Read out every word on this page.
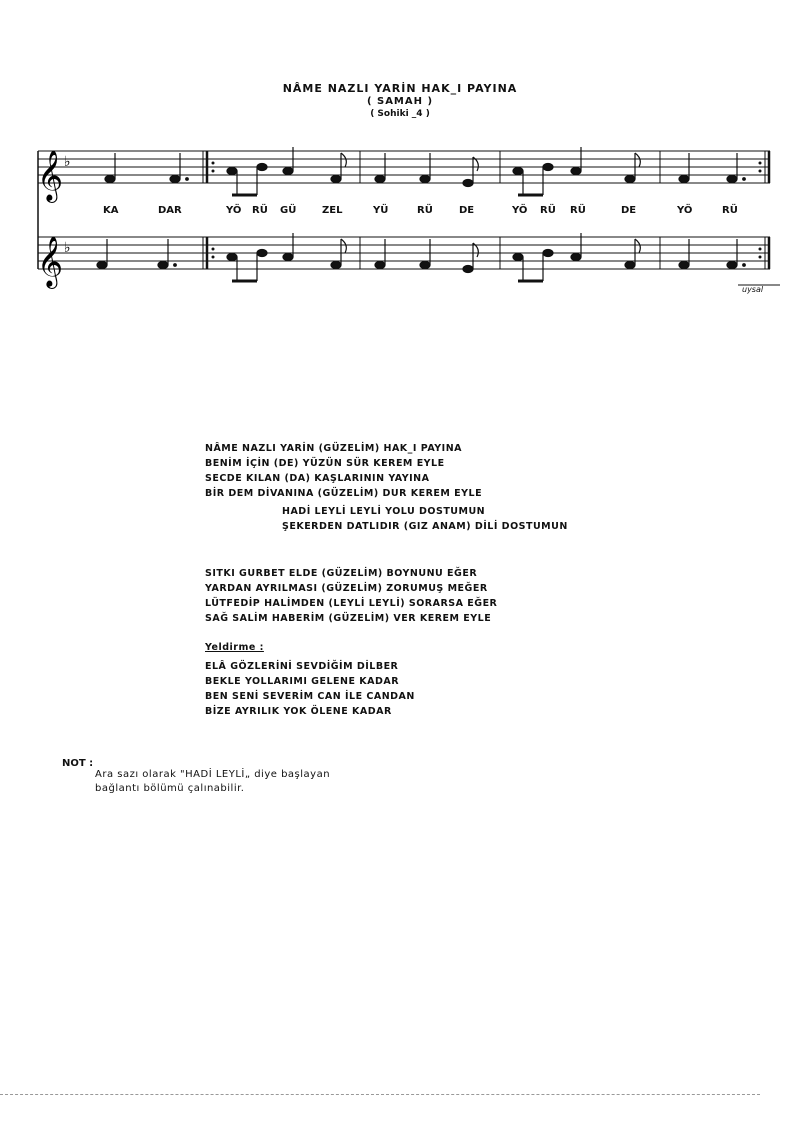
NÂME NAZLI YARİN HAK_I PAYINA
( SAMAH )
( Sohiki _4 )
𝄞
𝄞
♭
♭
KA	DAR	YÖ RÜ GÜ	ZEL	YÜ	RÜ	DE	YÖ RÜ RÜ	DE	YÖ	RÜ
uysal
NÂME NAZLI YARİN (GÜZELİM) HAK_I PAYINA
BENİM İÇİN (DE) YÜZÜN SÜR KEREM EYLE
SECDE KILAN (DA) KAŞLARININ YAYINA
BİR DEM DİVANINA (GÜZELİM) DUR KEREM EYLE
HADİ LEYLİ LEYLİ YOLU DOSTUMUN
ŞEKERDEN DATLIDIR (GIZ ANAM) DİLİ DOSTUMUN
SITKI GURBET ELDE (GÜZELİM) BOYNUNU EĞER
YARDAN AYRILMASI (GÜZELİM) ZORUMUŞ MEĞER
LÜTFEDİP HALİMDEN (LEYLİ LEYLİ) SORARSA EĞER
SAĞ SALİM HABERİM (GÜZELİM) VER KEREM EYLE
Yeldirme :
ELÂ GÖZLERİNİ SEVDİĞİM DİLBER
BEKLE YOLLARIMI GELENE KADAR
BEN SENİ SEVERİM CAN İLE CANDAN
BİZE AYRILIK YOK ÖLENE KADAR
NOT :
Ara sazı olarak "HADİ LEYLİ„ diye başlayan
bağlantı bölümü çalınabilir.
